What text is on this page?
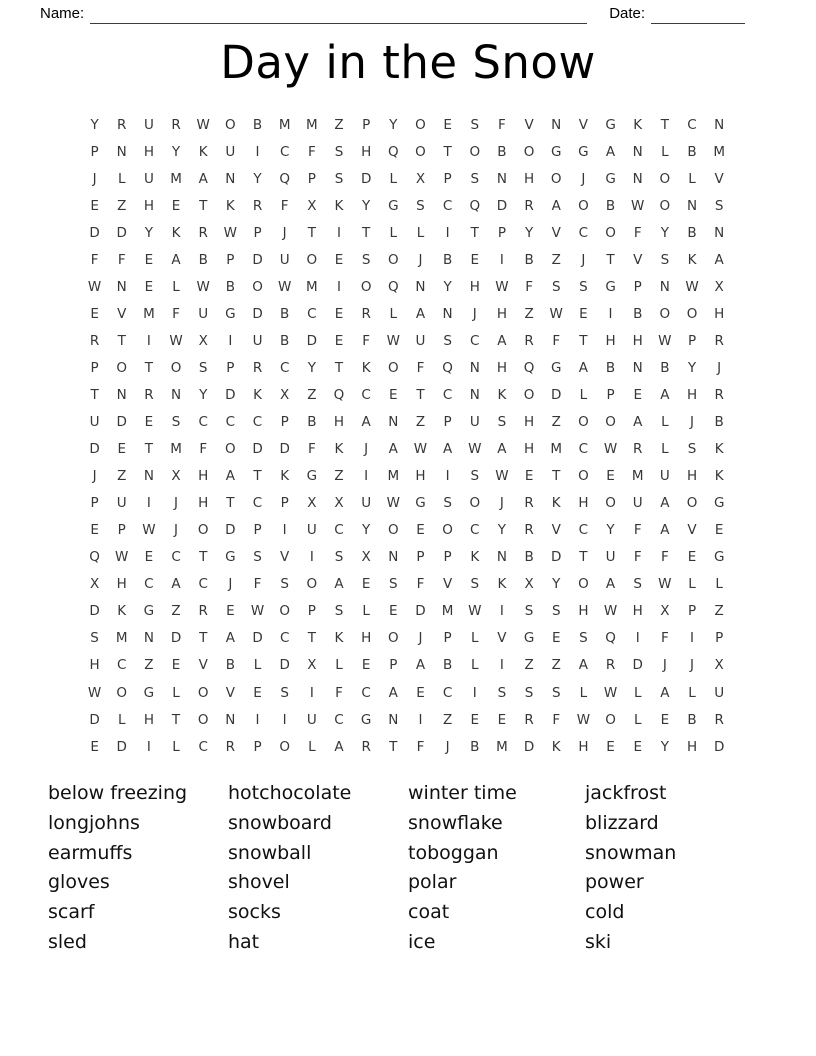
Name:	Date:
Day in the Snow
Y	R	U	R	W	O	B	M	M	Z	P	Y	O	E	S	F	V	N	V	G	K	T	C	N
P	N	H	Y	K	U	I	C	F	S	H	Q	O	T	O	B	O	G	G	A	N	L	B	M
J	L	U	M	A	N	Y	Q	P	S	D	L	X	P	S	N	H	O	J	G	N	O	L	V
E	Z	H	E	T	K	R	F	X	K	Y	G	S	C	Q	D	R	A	O	B	W	O	N	S
D	D	Y	K	R	W	P	J	T	I	T	L	L	I	T	P	Y	V	C	O	F	Y	B	N
F	F	E	A	B	P	D	U	O	E	S	O	J	B	E	I	B	Z	J	T	V	S	K	A
W	N	E	L	W	B	O	W	M	I	O	Q	N	Y	H	W	F	S	S	G	P	N	W	X
E	V	M	F	U	G	D	B	C	E	R	L	A	N	J	H	Z	W	E	I	B	O	O	H
R	T	I	W	X	I	U	B	D	E	F	W	U	S	C	A	R	F	T	H	H	W	P	R
P	O	T	O	S	P	R	C	Y	T	K	O	F	Q	N	H	Q	G	A	B	N	B	Y	J
T	N	R	N	Y	D	K	X	Z	Q	C	E	T	C	N	K	O	D	L	P	E	A	H	R
U	D	E	S	C	C	C	P	B	H	A	N	Z	P	U	S	H	Z	O	O	A	L	J	B
D	E	T	M	F	O	D	D	F	K	J	A	W	A	W	A	H	M	C	W	R	L	S	K
J	Z	N	X	H	A	T	K	G	Z	I	M	H	I	S	W	E	T	O	E	M	U	H	K
P	U	I	J	H	T	C	P	X	X	U	W	G	S	O	J	R	K	H	O	U	A	O	G
E	P	W	J	O	D	P	I	U	C	Y	O	E	O	C	Y	R	V	C	Y	F	A	V	E
Q	W	E	C	T	G	S	V	I	S	X	N	P	P	K	N	B	D	T	U	F	F	E	G
X	H	C	A	C	J	F	S	O	A	E	S	F	V	S	K	X	Y	O	A	S	W	L	L
D	K	G	Z	R	E	W	O	P	S	L	E	D	M	W	I	S	S	H	W	H	X	P	Z
S	M	N	D	T	A	D	C	T	K	H	O	J	P	L	V	G	E	S	Q	I	F	I	P
H	C	Z	E	V	B	L	D	X	L	E	P	A	B	L	I	Z	Z	A	R	D	J	J	X
W	O	G	L	O	V	E	S	I	F	C	A	E	C	I	S	S	S	L	W	L	A	L	U
D	L	H	T	O	N	I	I	U	C	G	N	I	Z	E	E	R	F	W	O	L	E	B	R
E	D	I	L	C	R	P	O	L	A	R	T	F	J	B	M	D	K	H	E	E	Y	H	D
below freezing
longjohns
earmuffs
gloves
scarf
sled
hotchocolate
snowboard
snowball
shovel
socks
hat
winter time
snowflake
toboggan
polar
coat
ice
jackfrost
blizzard
snowman
power
cold
ski
